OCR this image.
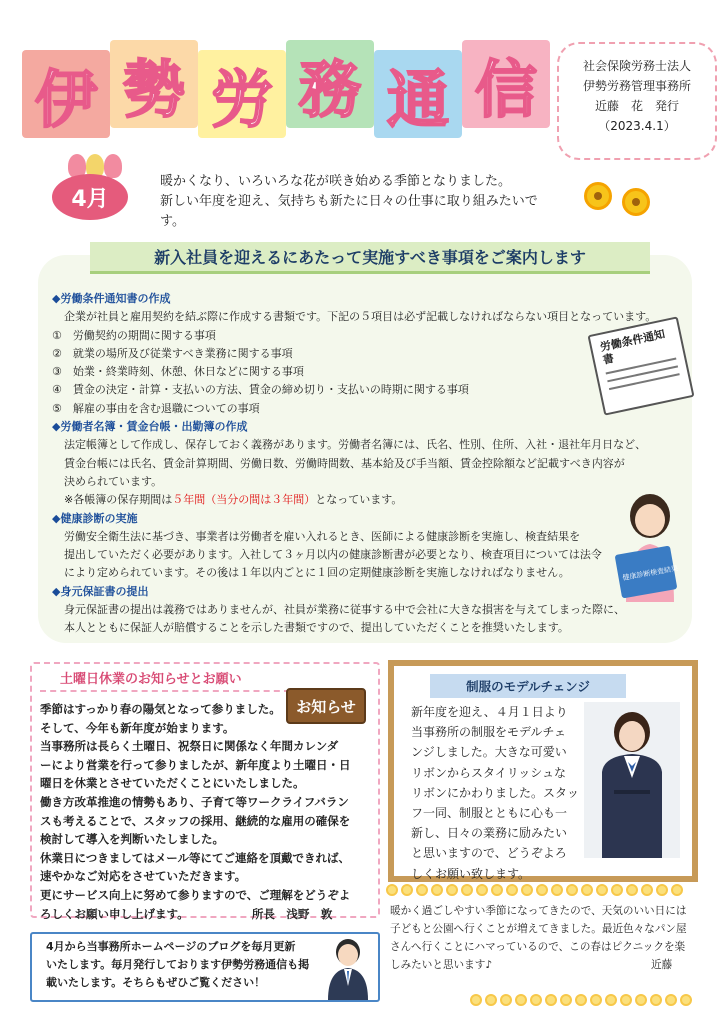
伊 勢 労 務 通 信	社会保険労務士法人
伊勢労務管理事務所
近藤　花　発行
（2023.4.1）
4月
暖かくなり、いろいろな花が咲き始める季節となりました。
新しい年度を迎え、気持ちも新たに日々の仕事に取り組みたいです。
新入社員を迎えるにあたって実施すべき事項をご案内します
◆労働条件通知書の作成
企業が社員と雇用契約を結ぶ際に作成する書類です。下記の５項目は必ず記載しなければならない項目となっています。
①　労働契約の期間に関する事項
②　就業の場所及び従業すべき業務に関する事項
③　始業・終業時刻、休憩、休日などに関する事項
④　賃金の決定・計算・支払いの方法、賃金の締め切り・支払いの時期に関する事項
⑤　解雇の事由を含む退職についての事項
◆労働者名簿・賃金台帳・出勤簿の作成
法定帳簿として作成し、保存しておく義務があります。労働者名簿には、氏名、性別、住所、入社・退社年月日など、
賃金台帳には氏名、賃金計算期間、労働日数、労働時間数、基本給及び手当額、賃金控除額など記載すべき内容が
決められています。
※各帳簿の保存期間は５年間（当分の間は３年間）となっています。
◆健康診断の実施
労働安全衛生法に基づき、事業者は労働者を雇い入れるとき、医師による健康診断を実施し、検査結果を
提出していただく必要があります。入社して３ヶ月以内の健康診断書が必要となり、検査項目については法令
により定められています。その後は１年以内ごとに１回の定期健康診断を実施しなければなりません。
◆身元保証書の提出
身元保証書の提出は義務ではありませんが、社員が業務に従事する中で会社に大きな損害を与えてしまった際に、
本人とともに保証人が賠償することを示した書類ですので、提出していただくことを推奨いたします。
労働条件通知書
健康診断検査結果
土曜日休業のお知らせとお願い
季節はすっかり春の陽気となって参りました。
そして、今年も新年度が始まります。
当事務所は長らく土曜日、祝祭日に関係なく年間カレンダ
ーにより営業を行って参りましたが、新年度より土曜日・日
曜日を休業とさせていただくことにいたしました。
働き方改革推進の情勢もあり、子育て等ワークライフバラン
スも考えることで、スタッフの採用、継続的な雇用の確保を
検討して導入を判断いたしました。
休業日につきましてはメール等にてご連絡を頂戴できれば、
速やかなご対応をさせていただきます。
更にサービス向上に努めて参りますので、ご理解をどうぞよ
ろしくお願い申し上げます。　　　　　　所長　浅野　敦
お知らせ
4月から当事務所ホームページのブログを毎月更新
いたします。毎月発行しております伊勢労務通信も掲
載いたします。そちらもぜひご覧ください！
制服のモデルチェンジ
新年度を迎え、４月１日より
当事務所の制服をモデルチェ
ンジしました。大きな可愛い
リボンからスタイリッシュな
リボンにかわりました。スタッ
フ一同、制服とともに心も一
新し、日々の業務に励みたい
と思いますので、どうぞよろ
しくお願い致します。
暖かく過ごしやすい季節になってきたので、天気のいい日には
子どもと公園へ行くことが増えてきました。最近色々なパン屋
さんへ行くことにハマっているので、この春はピクニックを楽
しみたいと思います♪　　　　　　　　　　　　　　　近藤
